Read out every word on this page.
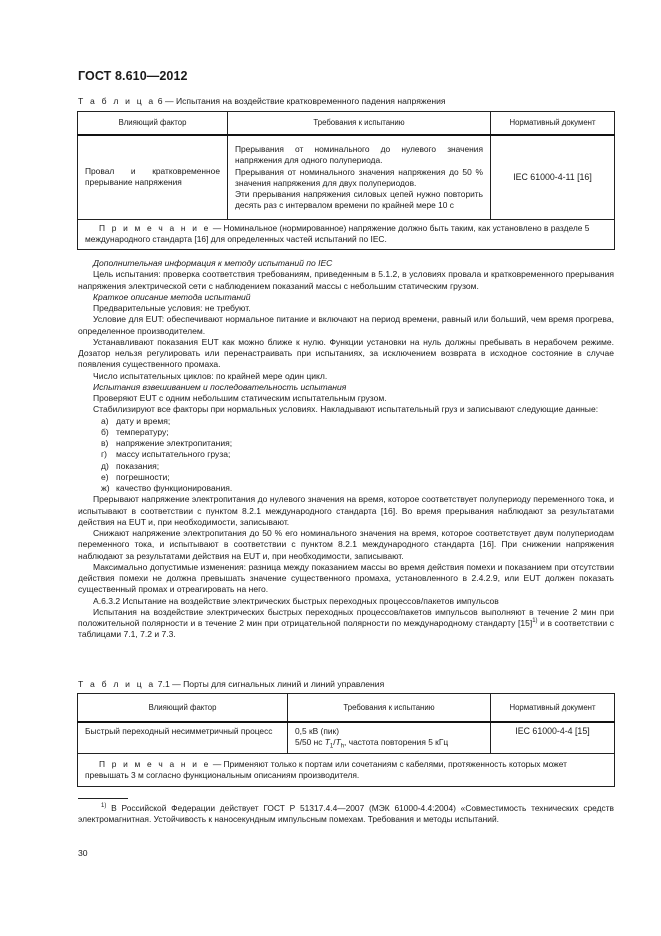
ГОСТ 8.610—2012
Т а б л и ц а 6 — Испытания на воздействие кратковременного падения напряжения
Влияющий фактор	Требования к испытанию	Нормативный документ
Провал и кратковременное прерывание напряжения	Прерывания от номинального до нулевого значения напряжения для одного полупериода.
Прерывания от номинального значения напряжения до 50 % значения напряжения для двух полупериодов.
Эти прерывания напряжения силовых цепей нужно повторить десять раз с интервалом времени по крайней мере 10 с	IEC 61000-4-11 [16]
П р и м е ч а н и е — Номинальное (нормированное) напряжение должно быть таким, как установлено в разделе 5 международного стандарта [16] для определенных частей испытаний по IEC.		

Дополнительная информация к методу испытаний по IEC

Цель испытания: проверка соответствия требованиям, приведенным в 5.1.2, в условиях провала и кратковременного прерывания напряжения электрической сети с наблюдением показаний массы с небольшим статическим грузом.

Краткое описание метода испытаний

Предварительные условия: не требуют.

Условие для EUT: обеспечивают нормальное питание и включают на период времени, равный или больший, чем время прогрева, определенное производителем.

Устанавливают показания EUT как можно ближе к нулю. Функции установки на нуль должны пребывать в нерабочем режиме. Дозатор нельзя регулировать или перенастраивать при испытаниях, за исключением возврата в исходное состояние в случае появления существенного промаха.

Число испытательных циклов: по крайней мере один цикл.

Испытания взвешиванием и последовательность испытания

Проверяют EUT с одним небольшим статическим испытательным грузом.

Стабилизируют все факторы при нормальных условиях. Накладывают испытательный груз и записывают следующие данные:

а) дату и время;
б) температуру;
в) напряжение электропитания;
г) массу испытательного груза;
д) показания;
е) погрешности;
ж) качество функционирования.

Прерывают напряжение электропитания до нулевого значения на время, которое соответствует полупериоду переменного тока, и испытывают в соответствии с пунктом 8.2.1 международного стандарта [16]. Во время прерывания наблюдают за результатами действия на EUT и, при необходимости, записывают.

Снижают напряжение электропитания до 50 % его номинального значения на время, которое соответствует двум полупериодам переменного тока, и испытывают в соответствии с пунктом 8.2.1 международного стандарта [16]. При снижении напряжения наблюдают за результатами действия на EUT и, при необходимости, записывают.

Максимально допустимые изменения: разница между показанием массы во время действия помехи и показанием при отсутствии действия помехи не должна превышать значение существенного промаха, установленного в 2.4.2.9, или EUT должен показать существенный промах и отреагировать на него.

А.6.3.2 Испытание на воздействие электрических быстрых переходных процессов/пакетов импульсов

Испытания на воздействие электрических быстрых переходных процессов/пакетов импульсов выполняют в течение 2 мин при положительной полярности и в течение 2 мин при отрицательной полярности по международному стандарту $[15]^{1)}$ и в соответствии с таблицами 7.1, 7.2 и 7.3.

Т а б л и ц а 7.1 — Порты для сигнальных линий и линий управления
Влияющий фактор	Требования к испытанию	Нормативный документ
Быстрый переходный несимметричный процесс	0,5 кВ (пик)
5/50 нс $T_1/T_h$, частота повторения 5 кГц	IEC 61000-4-4 [15]
П р и м е ч а н и е — Применяют только к портам или сочетаниям с кабелями, протяженность которых может превышать 3 м согласно функциональным описаниям производителя.		

$^{1)}$ В Российской Федерации действует ГОСТ Р 51317.4.4—2007 (МЭК 61000-4.4:2004) «Совместимость технических средств электромагнитная. Устойчивость к наносекундным импульсным помехам. Требования и методы испытаний.

30
